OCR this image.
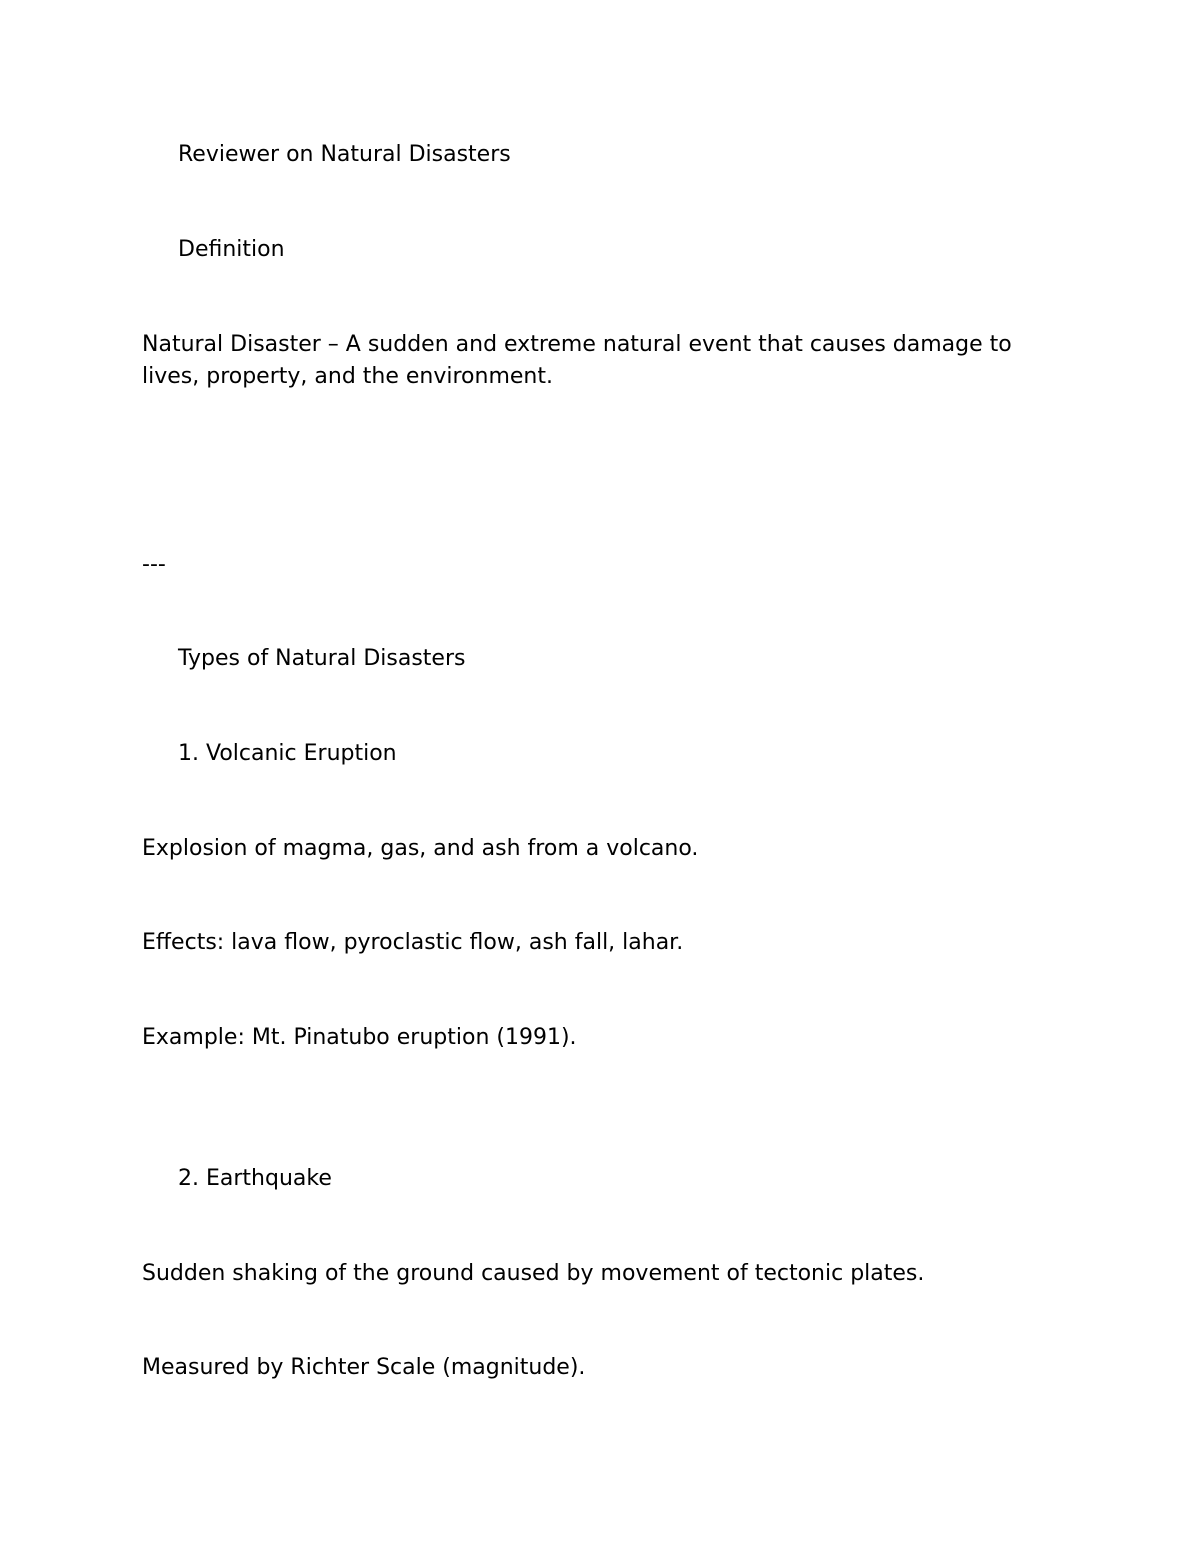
Reviewer on Natural Disasters

Definition

Natural Disaster – A sudden and extreme natural event that causes damage to lives, property, and the environment.

---

Types of Natural Disasters

1. Volcanic Eruption

Explosion of magma, gas, and ash from a volcano.

Effects: lava flow, pyroclastic flow, ash fall, lahar.

Example: Mt. Pinatubo eruption (1991).

2. Earthquake

Sudden shaking of the ground caused by movement of tectonic plates.

Measured by Richter Scale (magnitude).
